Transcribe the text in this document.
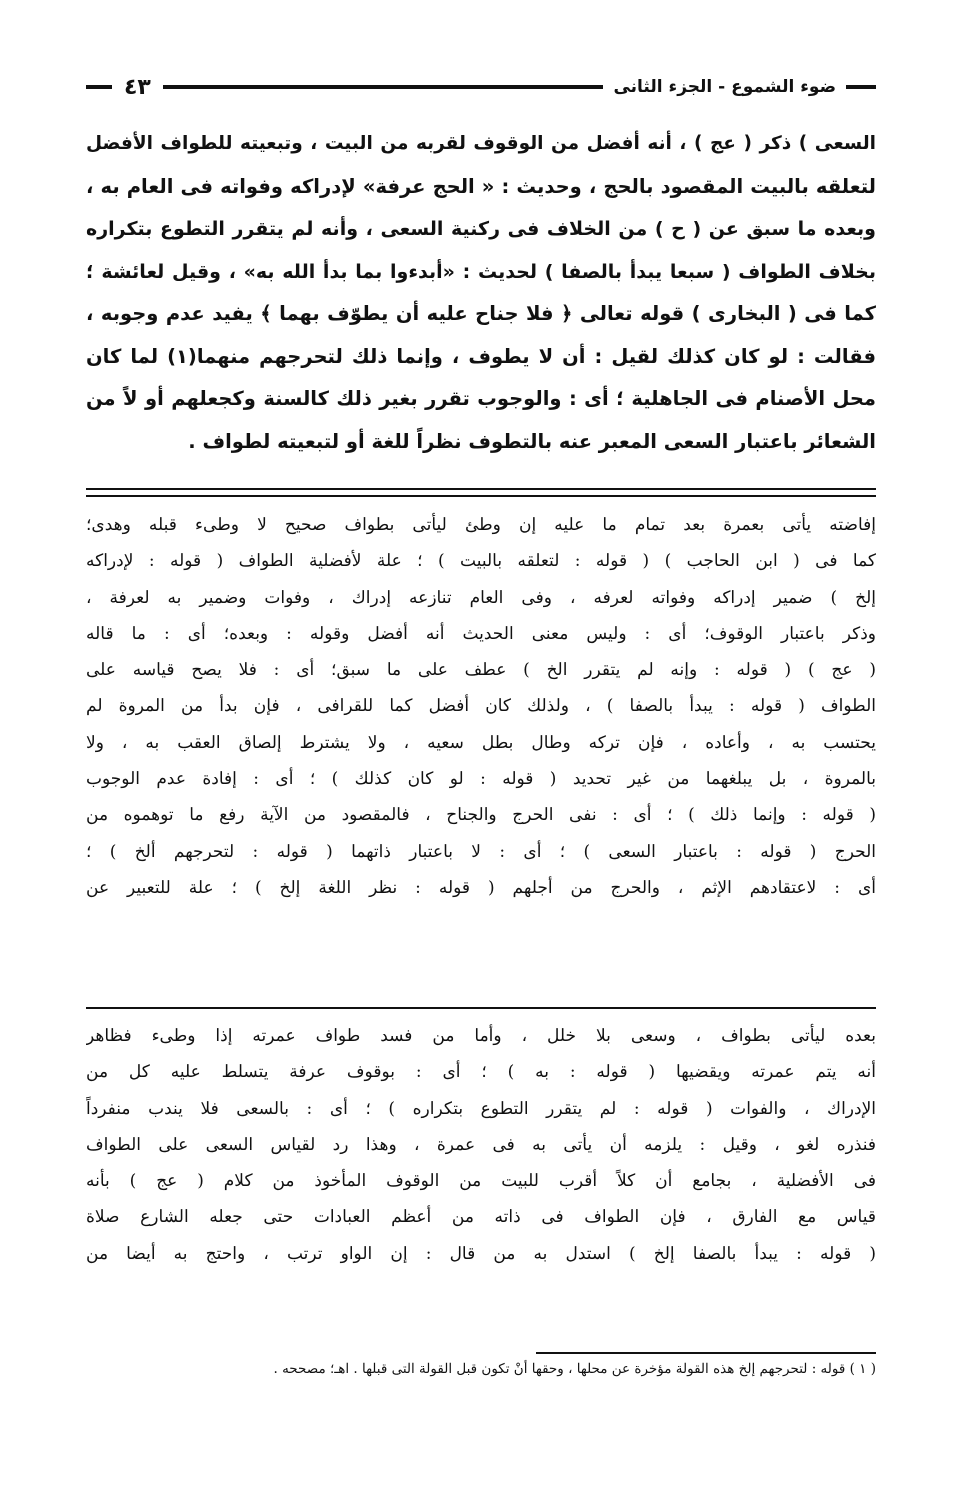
ضوء الشموع - الجزء الثانى
٤٣
السعى ) ذكر ( عج ) ، أنه أفضل من الوقوف لقربه من البيت ، وتبعيته للطواف الأفضل
لتعلقه بالبيت المقصود بالحج ، وحديث : « الحج عرفة» لإدراكه وفواته فى العام به ،
وبعده ما سبق عن ( ح ) من الخلاف فى ركنية السعى ، وأنه لم يتقرر التطوع بتكراره
بخلاف الطواف ( سبعا يبدأ بالصفا ) لحديث : «أبدءوا بما بدأ الله به» ، وقيل لعائشة ؛
كما فى ( البخارى ) قوله تعالى ﴿ فلا جناح عليه أن يطوّف بهما ﴾ يفيد عدم وجوبه ،
فقالت : لو كان كذلك لقيل : أن لا يطوف ، وإنما ذلك لتحرجهم منهما(١) لما كان
محل الأصنام فى الجاهلية ؛ أى : والوجوب تقرر بغير ذلك كالسنة وكجعلهم أو لاً من
الشعائر باعتبار السعى المعبر عنه بالتطوف نظراً للغة أو لتبعيته لطواف .
إفاضته يأتى بعمرة بعد تمام ما عليه إن وطئ ليأتى بطواف صحيح لا وطىء قبله وهدى؛
كما فى ( ابن الحاجب ) ( قوله : لتعلقه بالبيت ) ؛ علة لأفضلية الطواف ( قوله : لإدراكه
إلخ ) ضمير إدراكه وفواته لعرفه ، وفى العام تنازعه إدراك ، وفوات وضمير به لعرفة ،
وذكر باعتبار الوقوف؛ أى : وليس معنى الحديث أنه أفضل وقوله : وبعده؛ أى : ما قاله
( عج ) ( قوله : وإنه لم يتقرر الخ ) عطف على ما سبق؛ أى : فلا يصح قياسه على
الطواف ( قوله : يبدأ بالصفا ) ، ولذلك كان أفضل كما للقرافى ، فإن بدأ من المروة لم
يحتسب به ، وأعاده ، فإن تركه وطال بطل سعيه ، ولا يشترط إلصاق العقب به ، ولا
بالمروة ، بل يبلغهما من غير تحديد ( قوله : لو كان كذلك ) ؛ أى : إفادة عدم الوجوب
( قوله : وإنما ذلك ) ؛ أى : نفى الحرج والجناح ، فالمقصود من الآية رفع ما توهموه من
الحرج ( قوله : باعتبار السعى ) ؛ أى : لا باعتبار ذاتهما ( قوله : لتحرجهم ألخ ) ؛
أى : لاعتقادهم الإثم ، والحرج من أجلهم ( قوله : نظر اللغة إلخ ) ؛ علة للتعبير عن
بعده ليأتى بطواف ، وسعى بلا خلل ، وأما من فسد طواف عمرته إذا وطىء فظاهر
أنه يتم عمرته ويقضيها ( قوله : به ) ؛ أى : بوقوف عرفة يتسلط عليه كل من
الإدراك ، والفوات ( قوله : لم يتقرر التطوع بتكراره ) ؛ أى : بالسعى فلا يندب منفرداً
فنذره لغو ، وقيل : يلزمه أن يأتى به فى عمرة ، وهذا رد لقياس السعى على الطواف
فى الأفضلية ، بجامع أن كلاً أقرب للبيت من الوقوف المأخوذ من كلام ( عج ) بأنه
قياس مع الفارق ، فإن الطواف فى ذاته من أعظم العبادات حتى جعله الشارع صلاة
( قوله : يبدأ بالصفا إلخ ) استدل به من قال : إن الواو ترتب ، واحتج به أيضا من
( ١ ) قوله : لتحرجهم إلخ هذه القولة مؤخرة عن محلها ، وحقها أنْ تكون قبل القولة التى قبلها . اهـ؛ مصححه .
